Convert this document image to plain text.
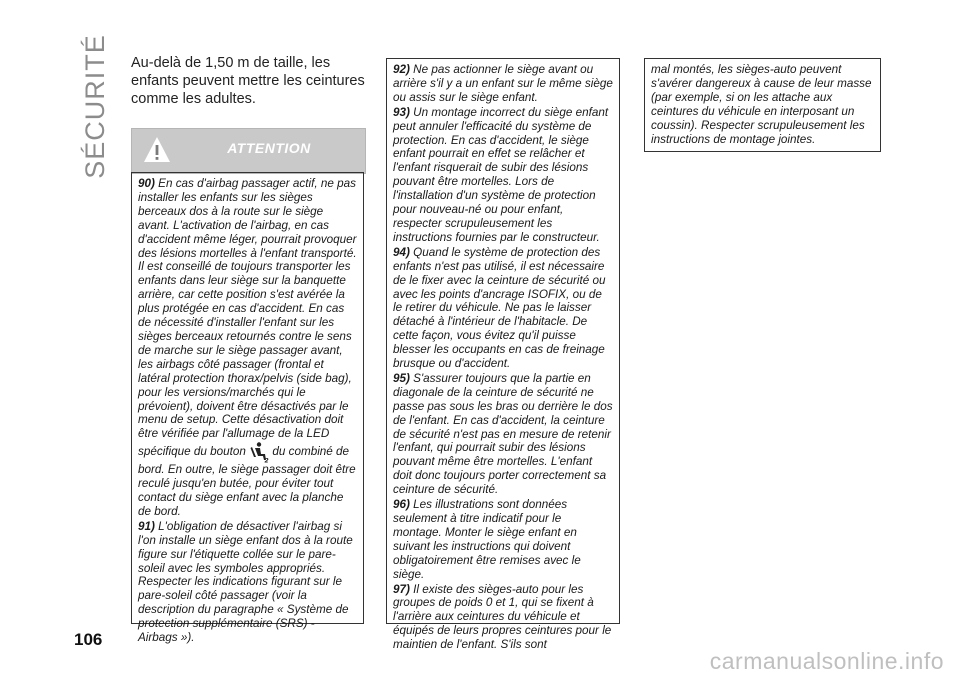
SÉCURITÉ Au-delà de 1,50 m de taille, les enfants peuvent mettre les ceintures comme les adultes.
ATTENTION

90) En cas d'airbag passager actif, ne pas installer les enfants sur les sièges berceaux dos à la route sur le siège avant. L'activation de l'airbag, en cas d'accident même léger, pourrait provoquer des lésions mortelles à l'enfant transporté. Il est conseillé de toujours transporter les enfants dans leur siège sur la banquette arrière, car cette position s'est avérée la plus protégée en cas d'accident. En cas de nécessité d'installer l'enfant sur les sièges berceaux retournés contre le sens de marche sur le siège passager avant, les airbags côté passager (frontal et latéral protection thorax/pelvis (side bag), pour les versions/marchés qui le prévoient), doivent être désactivés par le menu de setup. Cette désactivation doit être vérifiée par l'allumage de la LED spécifique du bouton
2
du combiné de bord. En outre, le siège passager doit être reculé jusqu'en butée, pour éviter tout contact du siège enfant avec la planche de bord.

91) L'obligation de désactiver l'airbag si l'on installe un siège enfant dos à la route figure sur l'étiquette collée sur le pare-soleil avec les symboles appropriés. Respecter les indications figurant sur le pare-soleil côté passager (voir la description du paragraphe « Système de protection supplémentaire (SRS) - Airbags »).

92) Ne pas actionner le siège avant ou arrière s'il y a un enfant sur le même siège ou assis sur le siège enfant.

93) Un montage incorrect du siège enfant peut annuler l'efficacité du système de protection. En cas d'accident, le siège enfant pourrait en effet se relâcher et l'enfant risquerait de subir des lésions pouvant être mortelles. Lors de l'installation d'un système de protection pour nouveau-né ou pour enfant, respecter scrupuleusement les instructions fournies par le constructeur.

94) Quand le système de protection des enfants n'est pas utilisé, il est nécessaire de le fixer avec la ceinture de sécurité ou avec les points d'ancrage ISOFIX, ou de le retirer du véhicule. Ne pas le laisser détaché à l'intérieur de l'habitacle. De cette façon, vous évitez qu'il puisse blesser les occupants en cas de freinage brusque ou d'accident.

95) S'assurer toujours que la partie en diagonale de la ceinture de sécurité ne passe pas sous les bras ou derrière le dos de l'enfant. En cas d'accident, la ceinture de sécurité n'est pas en mesure de retenir l'enfant, qui pourrait subir des lésions pouvant même être mortelles. L'enfant doit donc toujours porter correctement sa ceinture de sécurité.

96) Les illustrations sont données seulement à titre indicatif pour le montage. Monter le siège enfant en suivant les instructions qui doivent obligatoirement être remises avec le siège.

97) Il existe des sièges-auto pour les groupes de poids 0 et 1, qui se fixent à l'arrière aux ceintures du véhicule et équipés de leurs propres ceintures pour le maintien de l'enfant. S'ils sont

mal montés, les sièges-auto peuvent s'avérer dangereux à cause de leur masse (par exemple, si on les attache aux ceintures du véhicule en interposant un coussin). Respecter scrupuleusement les instructions de montage jointes.

106
carmanualsonline.info
